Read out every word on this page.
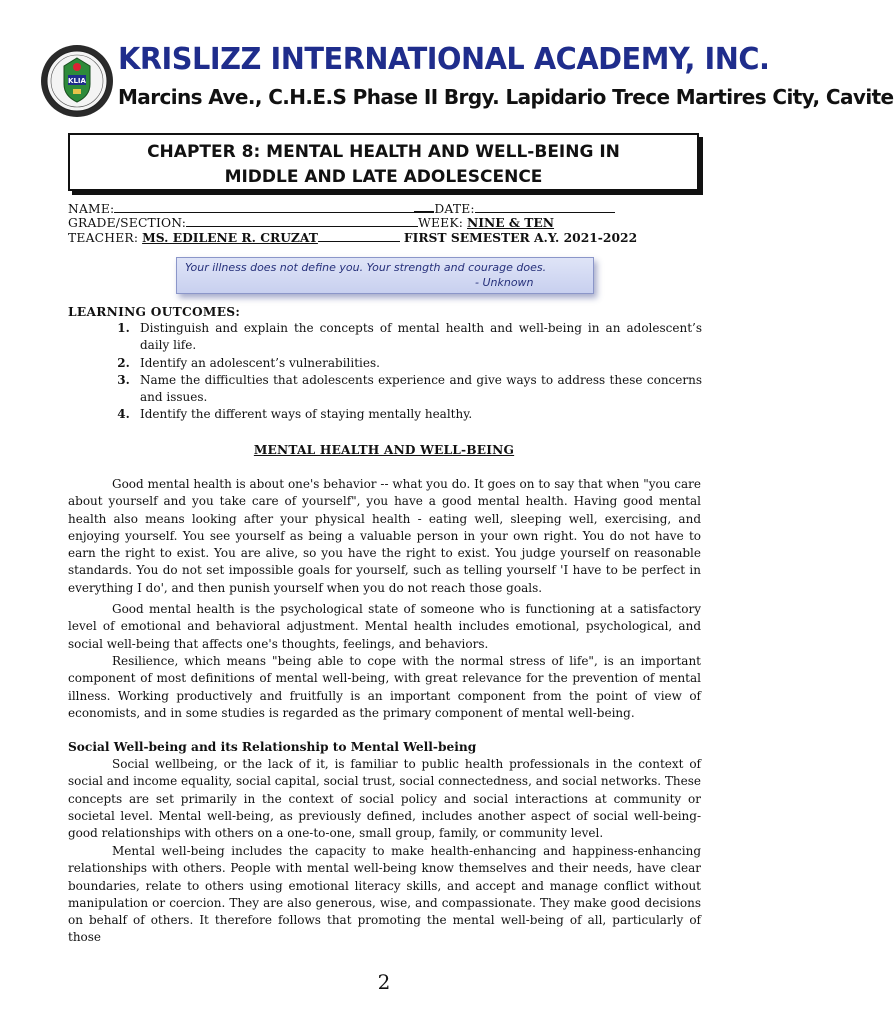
KLIA
KRISLIZZ INTERNATIONAL ACADEMY, INC.
Marcins Ave., C.H.E.S Phase II Brgy. Lapidario Trece Martires City, Cavite
CHAPTER 8: MENTAL HEALTH AND WELL-BEING IN
MIDDLE AND LATE ADOLESCENCE
NAME:	DATE:
GRADE/SECTION:	WEEK: NINE & TEN
TEACHER: MS. EDILENE R. CRUZAT	FIRST SEMESTER A.Y. 2021-2022
Your illness does not define you. Your strength and courage does.
- Unknown
LEARNING OUTCOMES:
1. Distinguish and explain the concepts of mental health and well-being in an adolescent’s daily life.
2. Identify an adolescent’s vulnerabilities.
3. Name the difficulties that adolescents experience and give ways to address these concerns and issues.
4. Identify the different ways of staying mentally healthy.
MENTAL HEALTH AND WELL-BEING

Good mental health is about one's behavior -- what you do. It goes on to say that when "you care about yourself and you take care of yourself", you have a good mental health. Having good mental health also means looking after your physical health - eating well, sleeping well, exercising, and enjoying yourself. You see yourself as being a valuable person in your own right. You do not have to earn the right to exist. You are alive, so you have the right to exist. You judge yourself on reasonable standards. You do not set impossible goals for yourself, such as telling yourself 'I have to be perfect in everything I do', and then punish yourself when you do not reach those goals.

Good mental health is the psychological state of someone who is functioning at a satisfactory level of emotional and behavioral adjustment. Mental health includes emotional, psychological, and social well-being that affects one's thoughts, feelings, and behaviors.

Resilience, which means "being able to cope with the normal stress of life", is an important component of most definitions of mental well-being, with great relevance for the prevention of mental illness. Working productively and fruitfully is an important component from the point of view of economists, and in some studies is regarded as the primary component of mental well-being.

Social Well-being and its Relationship to Mental Well-being

Social wellbeing, or the lack of it, is familiar to public health professionals in the context of social and income equality, social capital, social trust, social connectedness, and social networks. These concepts are set primarily in the context of social policy and social interactions at community or societal level. Mental well-being, as previously defined, includes another aspect of social well-being-good relationships with others on a one-to-one, small group, family, or community level.

Mental well-being includes the capacity to make health-enhancing and happiness-enhancing relationships with others. People with mental well-being know themselves and their needs, have clear boundaries, relate to others using emotional literacy skills, and accept and manage conflict without manipulation or coercion. They are also generous, wise, and compassionate. They make good decisions on behalf of others. It therefore follows that promoting the mental well-being of all, particularly of those

2
